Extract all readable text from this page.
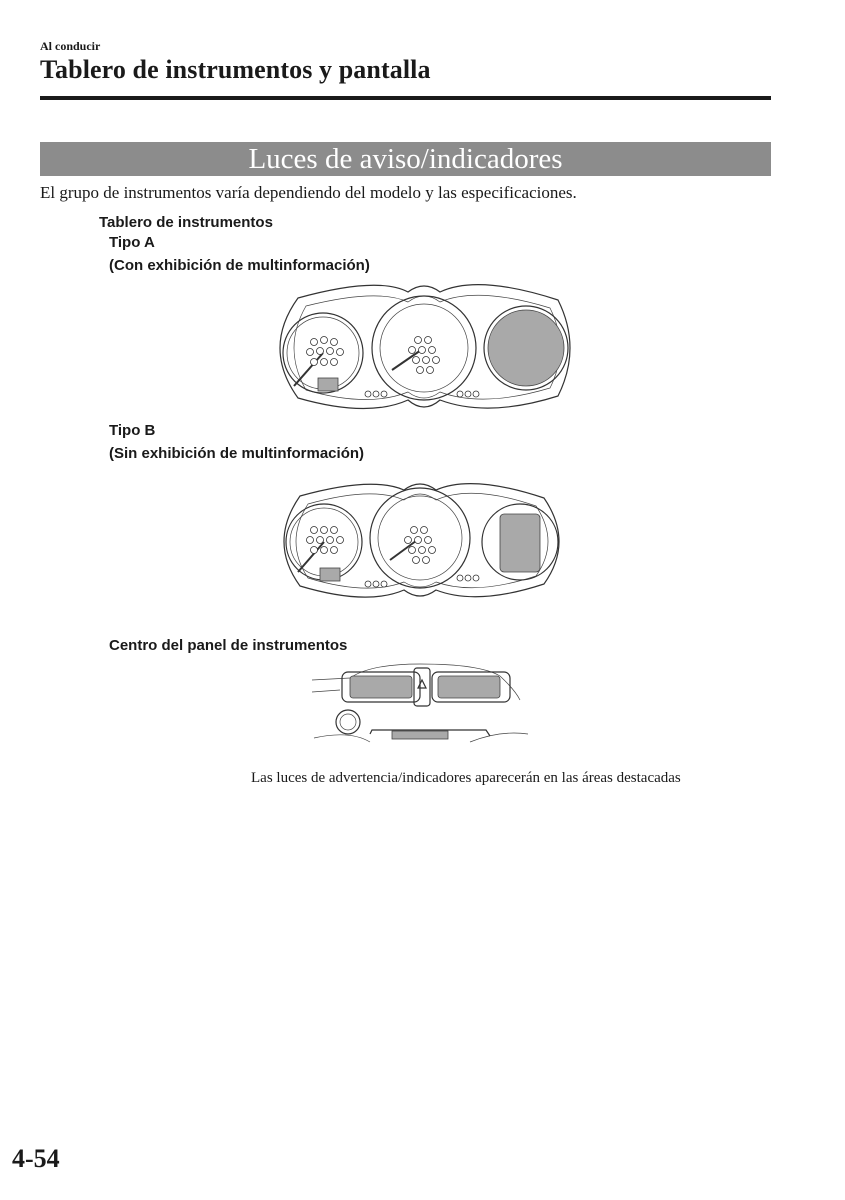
Al conducir
Tablero de instrumentos y pantalla
Luces de aviso/indicadores
El grupo de instrumentos varía dependiendo del modelo y las especificaciones.
Tablero de instrumentos
Tipo A
(Con exhibición de multinformación)
Tipo B
(Sin exhibición de multinformación)
Centro del panel de instrumentos
Las luces de advertencia/indicadores aparecerán en las áreas destacadas
4-54
